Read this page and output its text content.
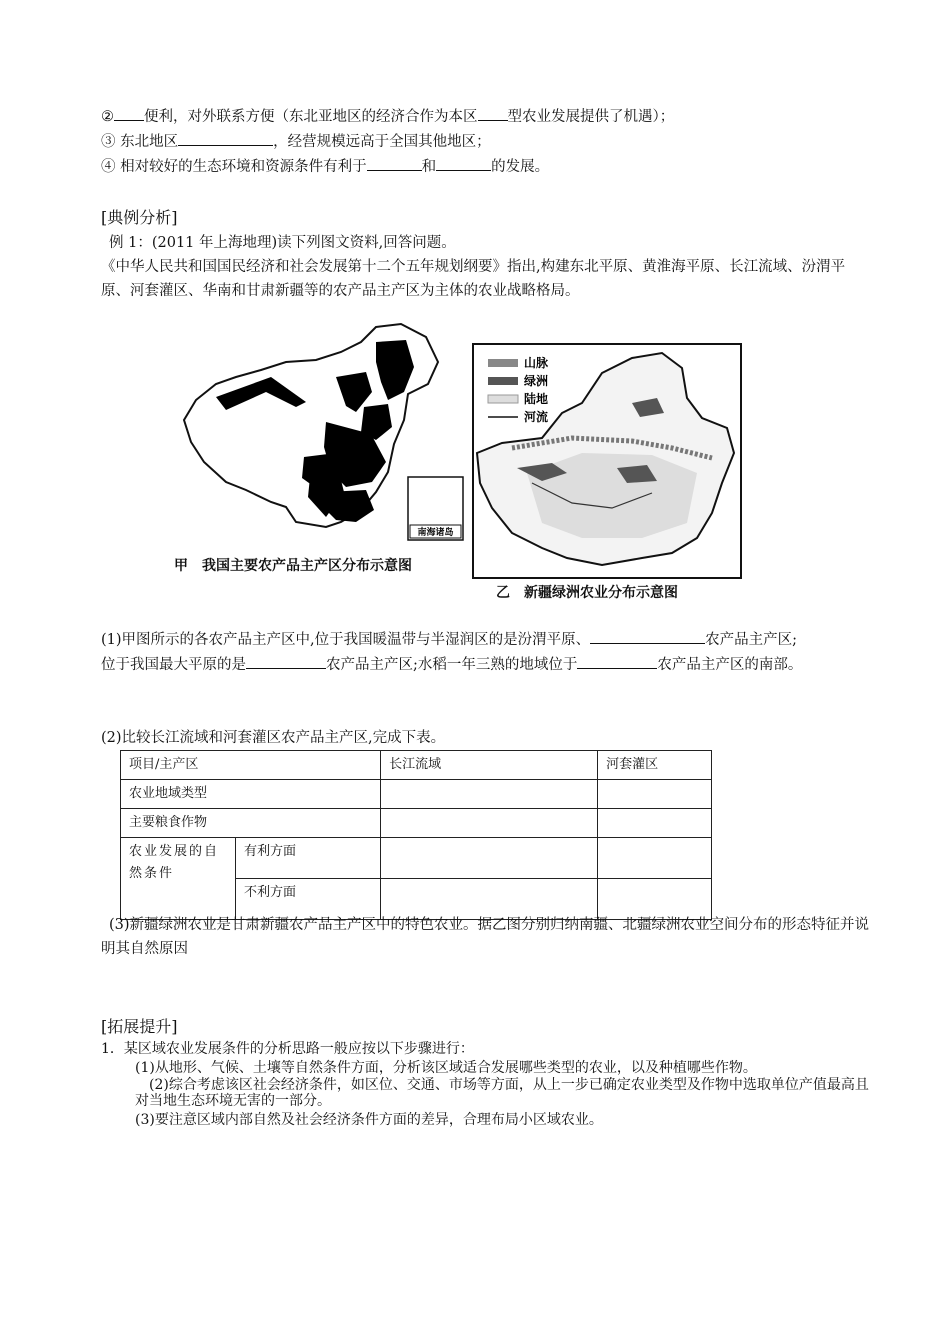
② 便利，对外联系方便（东北亚地区的经济合作为本区 型农业发展提供了机遇）；
③ 东北地区	，经营规模远高于全国其他地区；
④ 相对较好的生态环境和资源条件有利于	和	的发展。
[典例分析]
例 1：(2011 年上海地理)读下列图文资料,回答问题。
《中华人民共和国国民经济和社会发展第十二个五年规划纲要》指出,构建东北平原、黄淮海平原、长江流域、汾渭平原、河套灌区、华南和甘肃新疆等的农产品主产区为主体的农业战略格局。
南海诸岛
甲　我国主要农产品主产区分布示意图
山脉
绿洲
陆地
河流
乙　新疆绿洲农业分布示意图
(1)甲图所示的各农产品主产区中,位于我国暖温带与半湿润区的是汾渭平原、	农产品主产区;
位于我国最大平原的是	农产品主产区;水稻一年三熟的地域位于	农产品主产区的南部。
(2)比较长江流域和河套灌区农产品主产区,完成下表。
项目/主产区		长江流域	河套灌区
农业地域类型			
主要粮食作物			
农业发展的自然条件	有利方面		
	不利方面		
(3)新疆绿洲农业是甘肃新疆农产品主产区中的特色农业。据乙图分别归纳南疆、北疆绿洲农业空间分布的形态特征并说明其自然原因
[拓展提升]
1．某区域农业发展条件的分析思路一般应按以下步骤进行：
(1)从地形、气候、土壤等自然条件方面，分析该区域适合发展哪些类型的农业，以及种植哪些作物。
(2)综合考虑该区社会经济条件，如区位、交通、市场等方面，从上一步已确定农业类型及作物中选取单位产值最高且对当地生态环境无害的一部分。
(3)要注意区域内部自然及社会经济条件方面的差异，合理布局小区域农业。
